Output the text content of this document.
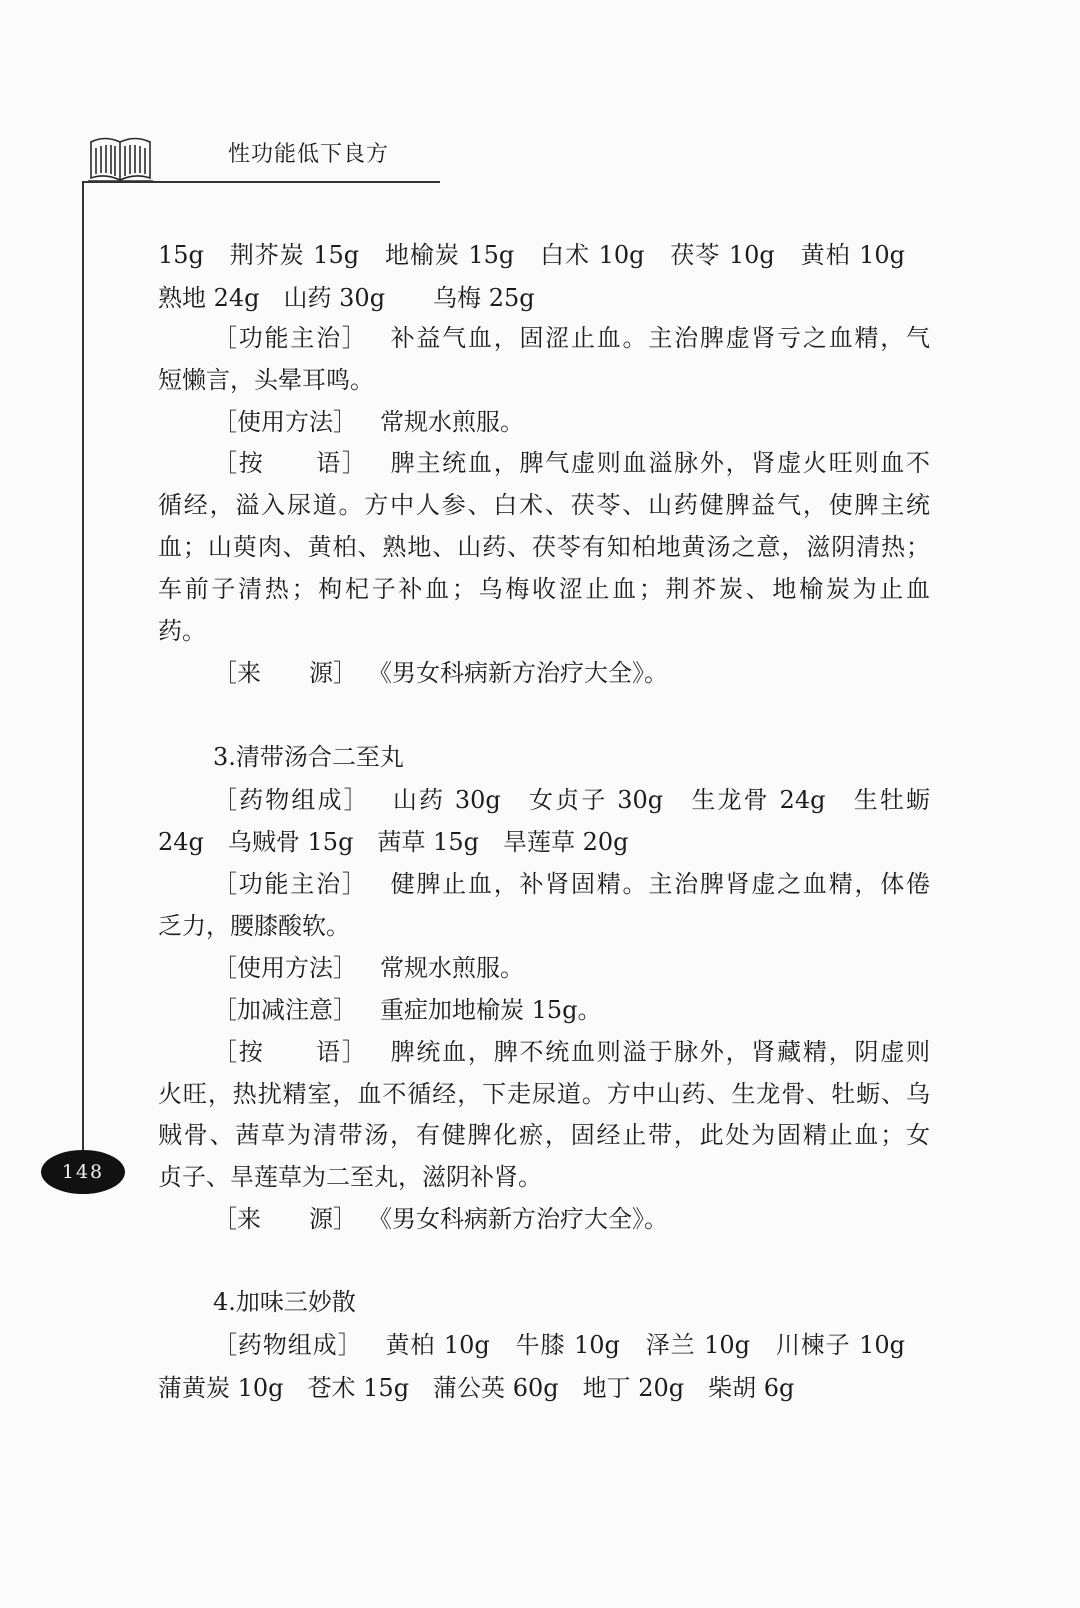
性功能低下良方
148
15g　荆芥炭 15g　地榆炭 15g　白术 10g　茯苓 10g　黄柏 10g
熟地 24g　山药 30g　　乌梅 25g
［功能主治］ 补益气血，固涩止血。主治脾虚肾亏之血精，气
短懒言，头晕耳鸣。
［使用方法］ 常规水煎服。
［按　　语］ 脾主统血，脾气虚则血溢脉外，肾虚火旺则血不
循经，溢入尿道。方中人参、白术、茯苓、山药健脾益气，使脾主统
血；山萸肉、黄柏、熟地、山药、茯苓有知柏地黄汤之意，滋阴清热；
车前子清热；枸杞子补血；乌梅收涩止血；荆芥炭、地榆炭为止血
药。
［来　　源］ 《男女科病新方治疗大全》。
3.清带汤合二至丸
［药物组成］ 山药 30g　女贞子 30g　生龙骨 24g　生牡蛎
24g　乌贼骨 15g　茜草 15g　旱莲草 20g
［功能主治］ 健脾止血，补肾固精。主治脾肾虚之血精，体倦
乏力，腰膝酸软。
［使用方法］ 常规水煎服。
［加减注意］ 重症加地榆炭 15g。
［按　　语］ 脾统血，脾不统血则溢于脉外，肾藏精，阴虚则
火旺，热扰精室，血不循经，下走尿道。方中山药、生龙骨、牡蛎、乌
贼骨、茜草为清带汤，有健脾化瘀，固经止带，此处为固精止血；女
贞子、旱莲草为二至丸，滋阴补肾。
［来　　源］ 《男女科病新方治疗大全》。
4.加味三妙散
［药物组成］ 黄柏 10g　牛膝 10g　泽兰 10g　川楝子 10g
蒲黄炭 10g　苍术 15g　蒲公英 60g　地丁 20g　柴胡 6g
